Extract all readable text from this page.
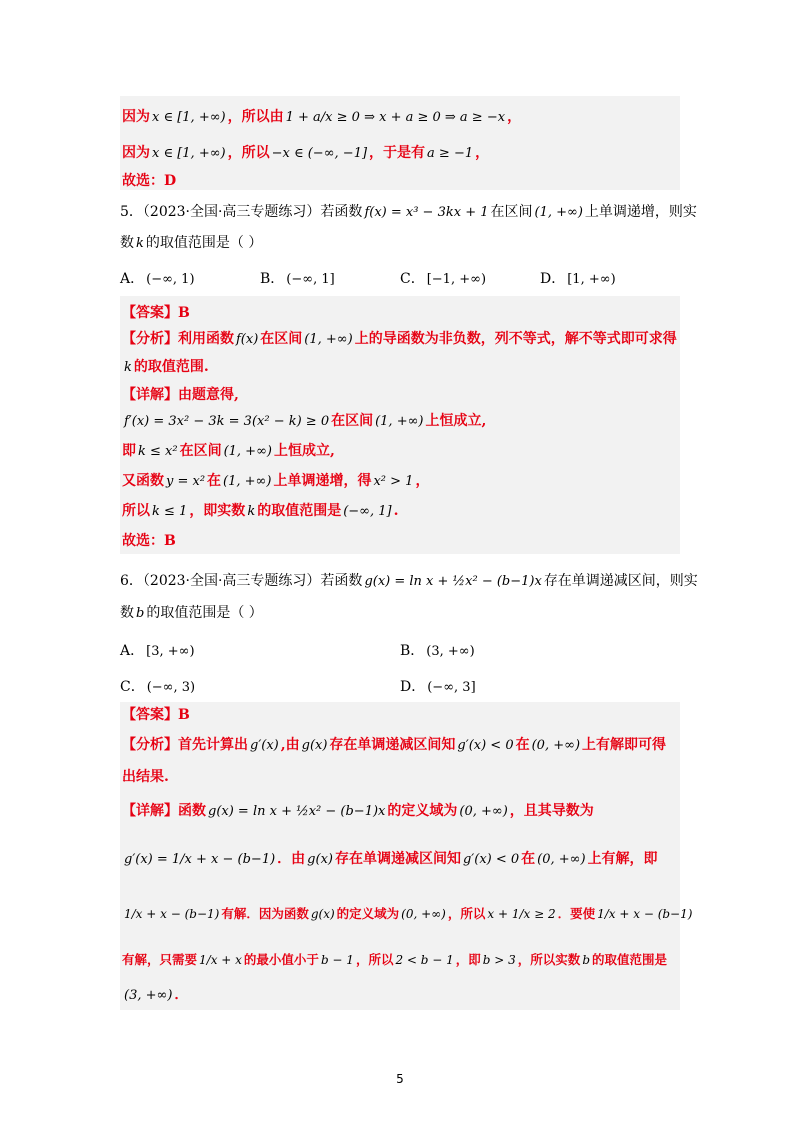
因为 x ∈ [1, +∞) ，所以由 1 + a/x ≥ 0 ⇒ x + a ≥ 0 ⇒ a ≥ −x ，
因为 x ∈ [1, +∞) ，所以 −x ∈ (−∞, −1] ，于是有 a ≥ −1 ，
故选：D
5．（2023·全国·高三专题练习）若函数 f(x) = x³ − 3kx + 1 在区间 (1, +∞) 上单调递增，则实
数 k 的取值范围是（ ）
A． (−∞, 1)	B． (−∞, 1]	C． [−1, +∞)	D． [1, +∞)
【答案】B
【分析】利用函数 f(x) 在区间 (1, +∞) 上的导函数为非负数，列不等式，解不等式即可求得
k 的取值范围.
【详解】由题意得,
f′(x) = 3x² − 3k = 3(x² − k) ≥ 0 在区间 (1, +∞) 上恒成立,
即 k ≤ x² 在区间 (1, +∞) 上恒成立,
又函数 y = x² 在 (1, +∞) 上单调递增，得 x² > 1 ，
所以 k ≤ 1 ，即实数 k 的取值范围是 (−∞, 1] .
故选：B
6．（2023·全国·高三专题练习）若函数 g(x) = ln x + ½x² − (b−1)x 存在单调递减区间，则实
数 b 的取值范围是（ ）
A． [3, +∞)	B． (3, +∞)
C． (−∞, 3)	D． (−∞, 3]
【答案】B
【分析】首先计算出 g′(x) ,由 g(x) 存在单调递减区间知 g′(x) < 0 在 (0, +∞) 上有解即可得
出结果.
【详解】函数 g(x) = ln x + ½x² − (b−1)x 的定义域为 (0, +∞) ，且其导数为
g′(x) = 1/x + x − (b−1) ．由 g(x) 存在单调递减区间知 g′(x) < 0 在 (0, +∞) 上有解，即
1/x + x − (b−1) 有解．因为函数 g(x) 的定义域为 (0, +∞) ，所以 x + 1/x ≥ 2 ．要使 1/x + x − (b−1)
有解，只需要 1/x + x 的最小值小于 b − 1 ，所以 2 < b − 1 ，即 b > 3 ，所以实数 b 的取值范围是
(3, +∞) ．
5
